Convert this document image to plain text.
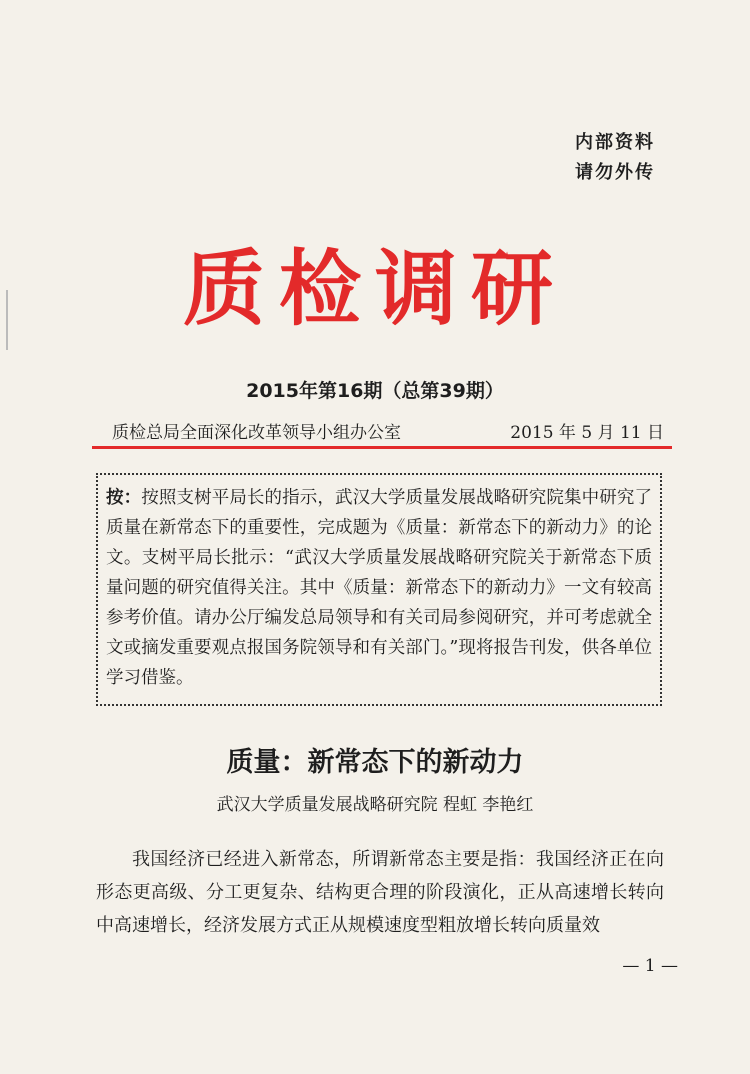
内部资料
请勿外传
质检调研
2015年第16期（总第39期）
质检总局全面深化改革领导小组办公室	2015 年 5 月 11 日
按：按照支树平局长的指示，武汉大学质量发展战略研究院集中研究了质量在新常态下的重要性，完成题为《质量：新常态下的新动力》的论文。支树平局长批示：“武汉大学质量发展战略研究院关于新常态下质量问题的研究值得关注。其中《质量：新常态下的新动力》一文有较高参考价值。请办公厅编发总局领导和有关司局参阅研究，并可考虑就全文或摘发重要观点报国务院领导和有关部门。”现将报告刊发，供各单位学习借鉴。
质量：新常态下的新动力
武汉大学质量发展战略研究院 程虹 李艳红

我国经济已经进入新常态，所谓新常态主要是指：我国经济正在向形态更高级、分工更复杂、结构更合理的阶段演化，正从高速增长转向中高速增长，经济发展方式正从规模速度型粗放增长转向质量效

— 1 —
